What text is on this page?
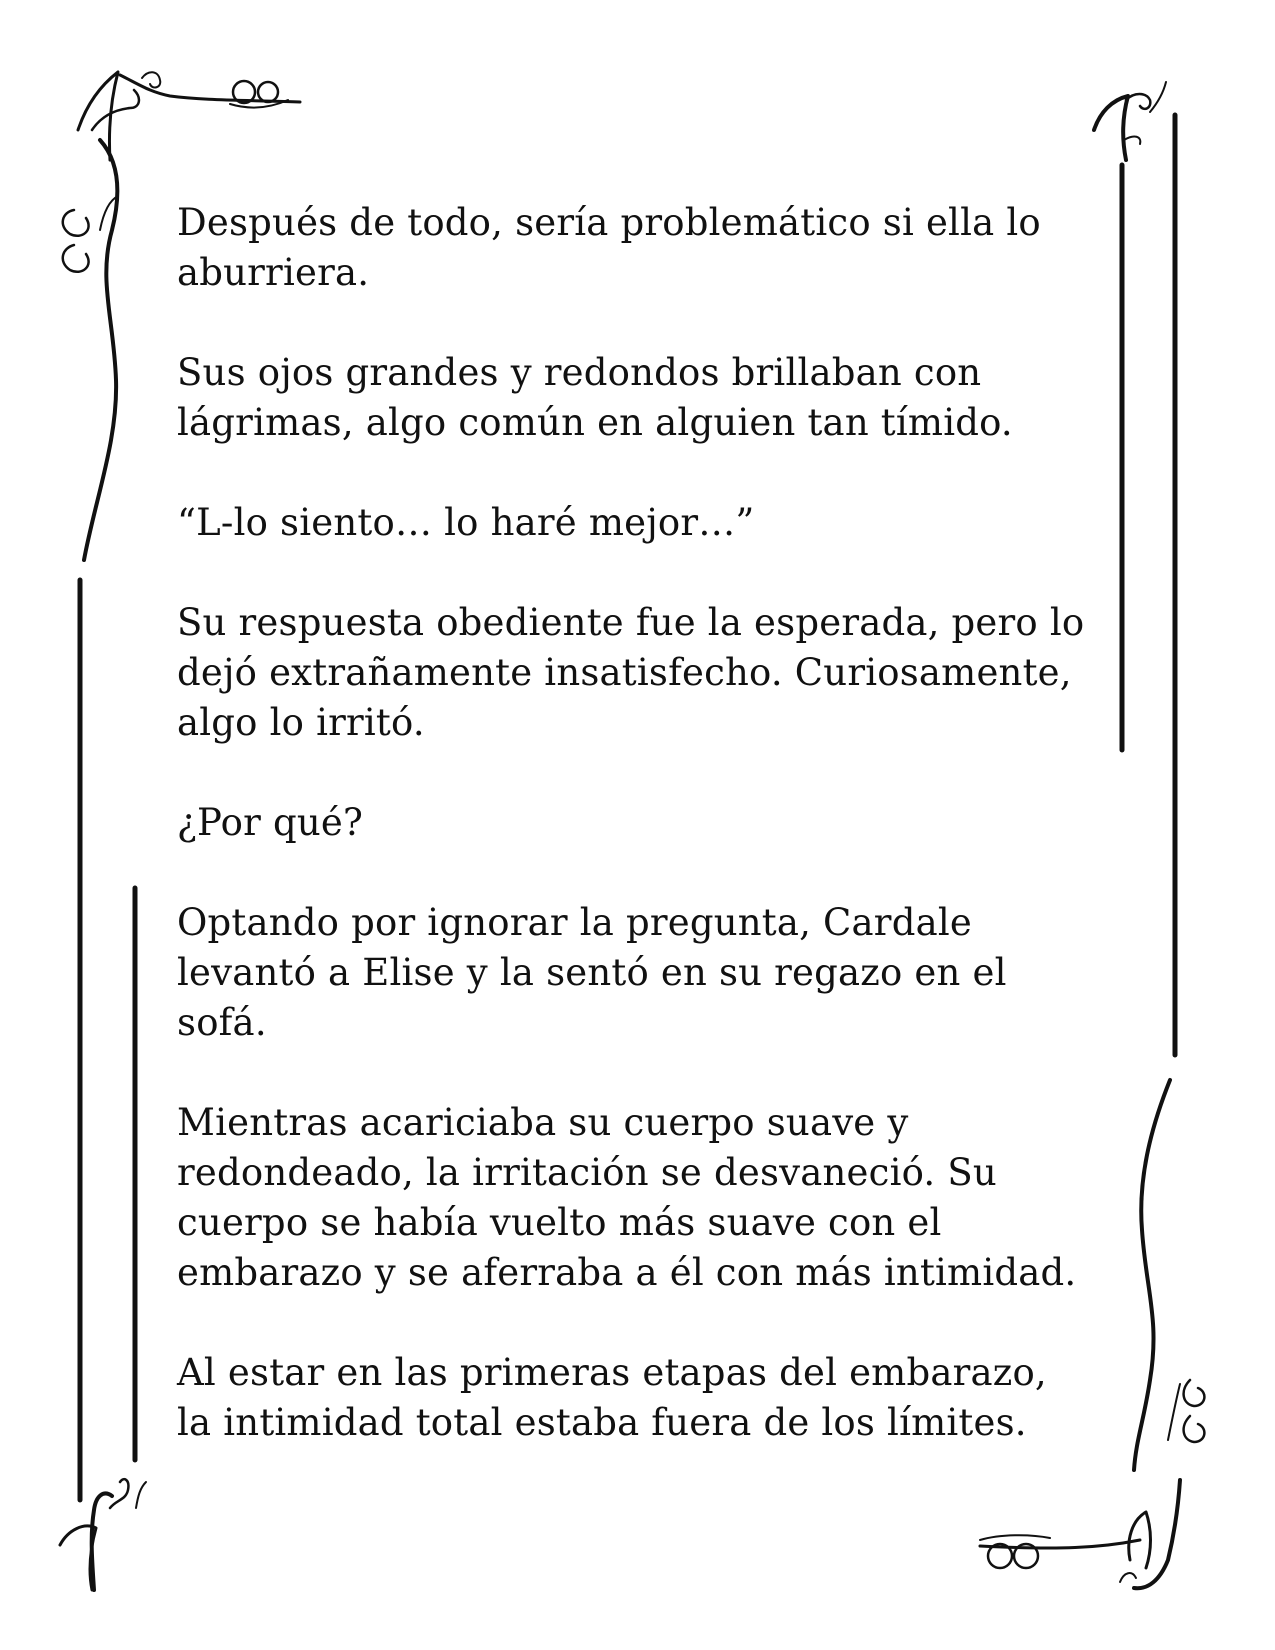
Después de todo, sería problemático si ella lo
aburriera.

Sus ojos grandes y redondos brillaban con
lágrimas, algo común en alguien tan tímido.

“L-lo siento… lo haré mejor…”

Su respuesta obediente fue la esperada, pero lo
dejó extrañamente insatisfecho. Curiosamente,
algo lo irritó.

¿Por qué?

Optando por ignorar la pregunta, Cardale
levantó a Elise y la sentó en su regazo en el
sofá.

Mientras acariciaba su cuerpo suave y
redondeado, la irritación se desvaneció. Su
cuerpo se había vuelto más suave con el
embarazo y se aferraba a él con más intimidad.

Al estar en las primeras etapas del embarazo,
la intimidad total estaba fuera de los límites.
